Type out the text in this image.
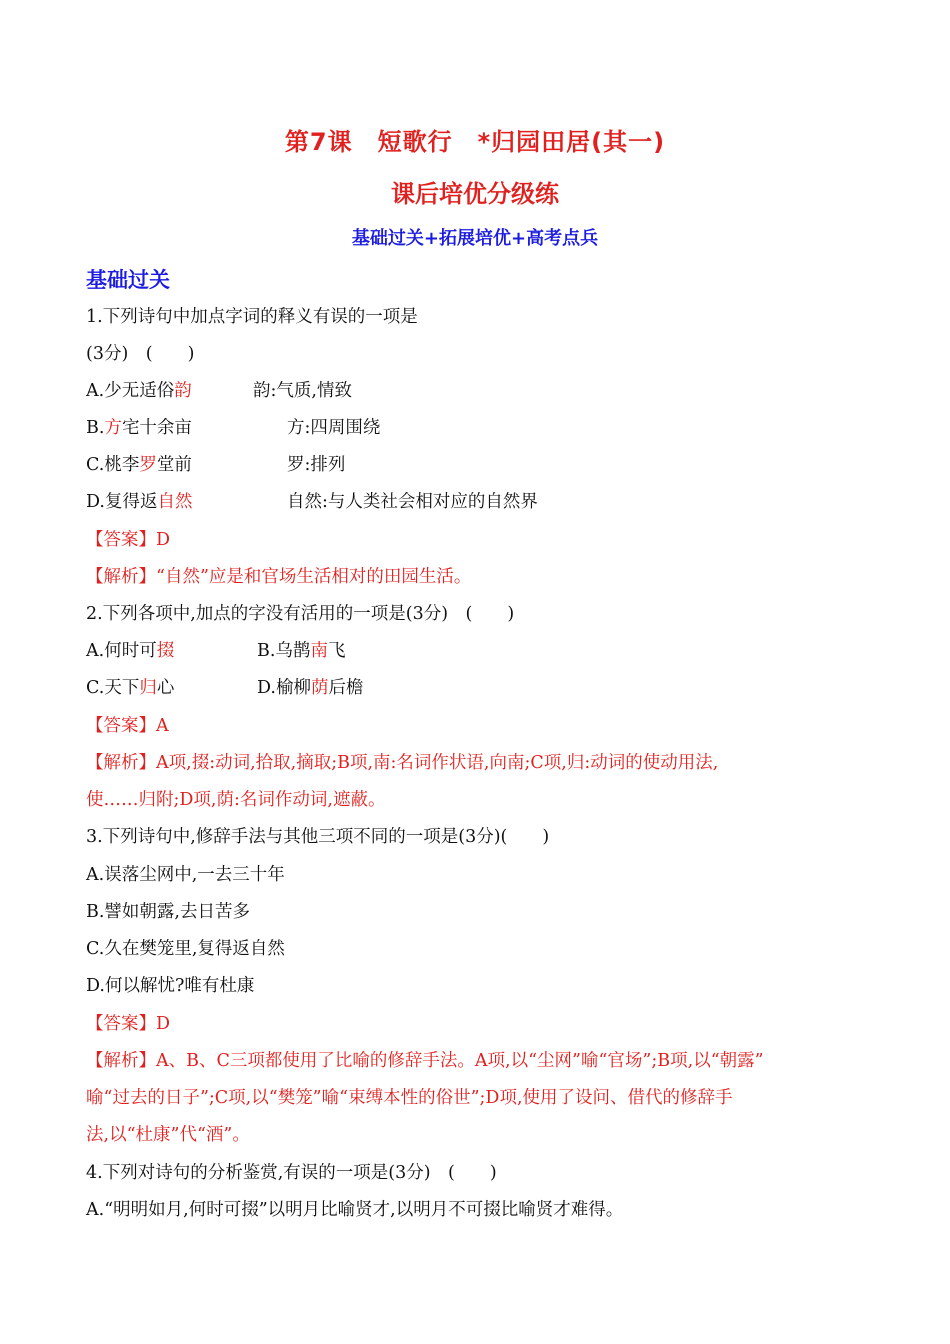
第7课　短歌行　*归园田居(其一)
课后培优分级练
基础过关+拓展培优+高考点兵
基础过关
1.下列诗句中加点字词的释义有误的一项是
(3分)　(　　)
A.少无适俗韵	韵:气质,情致
B.方宅十余亩	方:四周围绕
C.桃李罗堂前	罗:排列
D.复得返自然	自然:与人类社会相对应的自然界
【答案】D
【解析】“自然”应是和官场生活相对的田园生活。
2.下列各项中,加点的字没有活用的一项是(3分)　(　　)
A.何时可掇	B.乌鹊南飞
C.天下归心	D.榆柳荫后檐
【答案】A
【解析】A项,掇:动词,拾取,摘取;B项,南:名词作状语,向南;C项,归:动词的使动用法,
使……归附;D项,荫:名词作动词,遮蔽。
3.下列诗句中,修辞手法与其他三项不同的一项是(3分)(　　)
A.误落尘网中,一去三十年
B.譬如朝露,去日苦多
C.久在樊笼里,复得返自然
D.何以解忧?唯有杜康
【答案】D
【解析】A、B、C三项都使用了比喻的修辞手法。A项,以“尘网”喻“官场”;B项,以“朝露”
喻“过去的日子”;C项,以“樊笼”喻“束缚本性的俗世”;D项,使用了设问、借代的修辞手
法,以“杜康”代“酒”。
4.下列对诗句的分析鉴赏,有误的一项是(3分)　(　　)
A.“明明如月,何时可掇”以明月比喻贤才,以明月不可掇比喻贤才难得。
